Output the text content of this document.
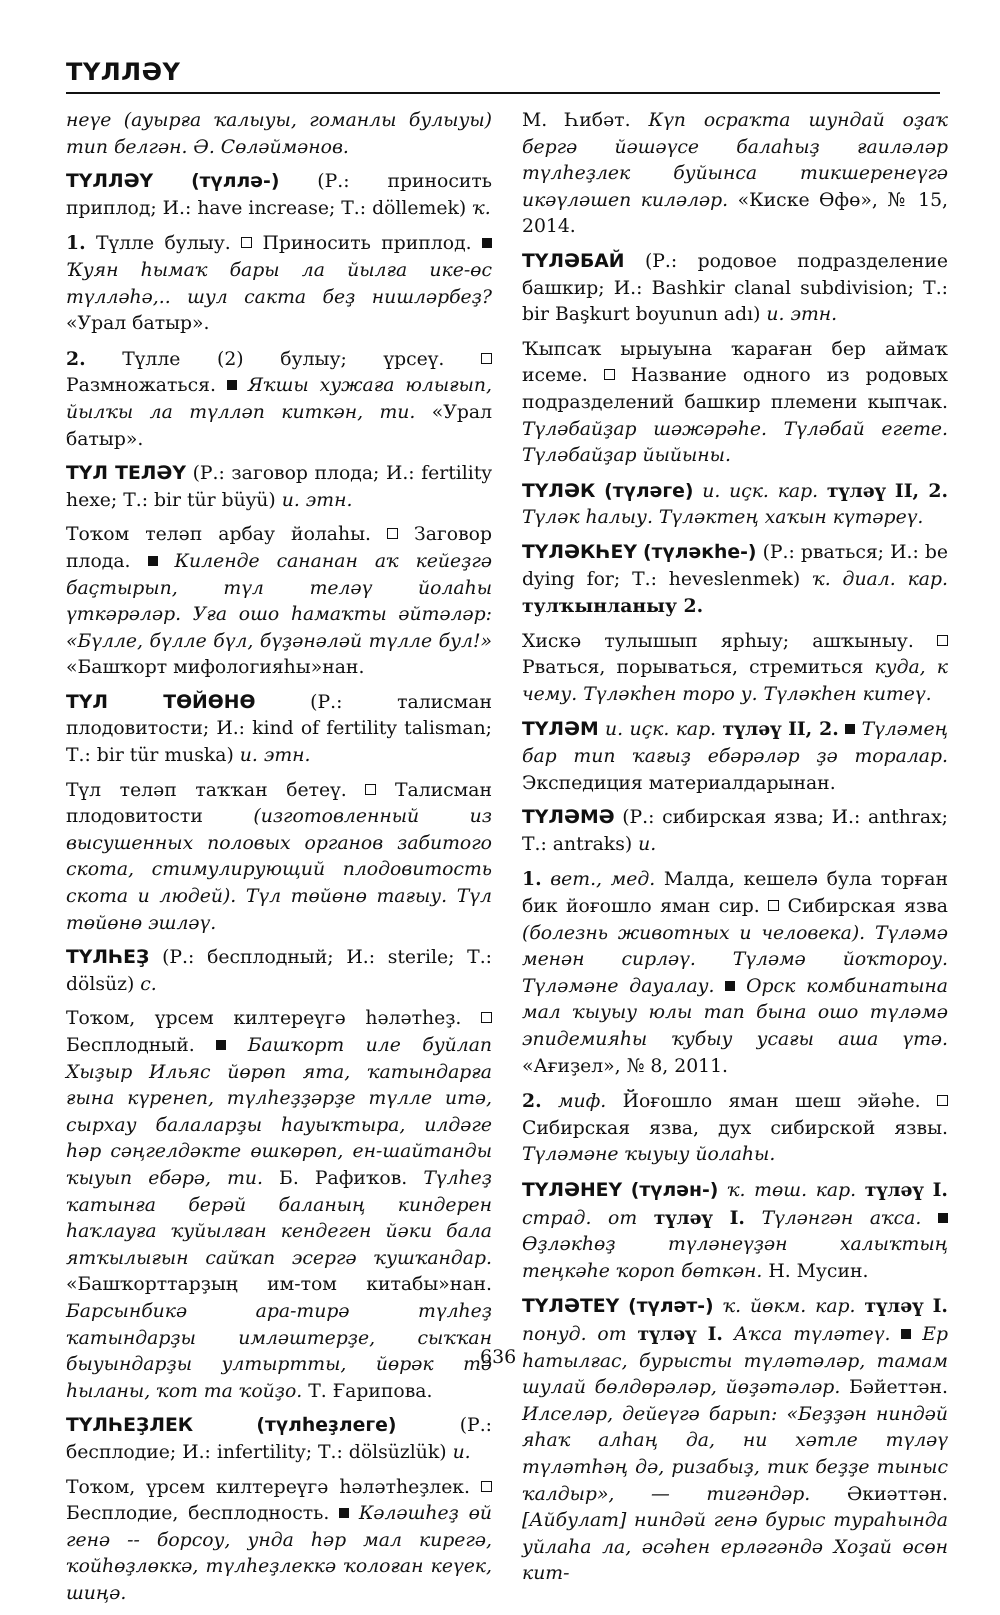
ТҮЛЛӘҮ

неүе (ауырға ҡалыуы, гоманлы булыуы) тип белгән. Ә. Сөләймәнов.

ТҮЛЛӘҮ (түллә-) (Р.: приносить приплод; И.: have increase; Т.: döllemek) ҡ.

1. Түлле булыу. Приносить приплод.  Ҡуян һымаҡ бары ла йылға ике-өс түлләһә,.. шул сакта беҙ нишләрбеҙ? «Урал батыр».

2. Түлле (2) булыу; үрсеү.  Размножаться. Яҡшы хужаға юлығып, йылҡы ла түлләп киткән, ти. «Урал батыр».

ТҮЛ ТЕЛӘҮ (Р.: заговор плода; И.: fertility hexe; Т.: bir tür büyü) и. этн.

Тоҡом теләп арбау йолаһы. Заговор плода. Киленде сананан аҡ кейеҙгә баҫтырып, түл теләү йолаһы үткәрәләр. Уға ошо һамаҡты әйтәләр: «Бүлле, бүлле бүл, бүҙәнәләй түлле бул!» «Башҡорт мифологияһы»нан.

ТҮЛ ТӨЙӨНӨ	(Р.: талисман плодовитости; И.: kind of fertility talisman; Т.: bir tür muska) и. этн.

Түл теләп таҡҡан бетеү.	Талисман плодовитости	(изготовленный из высушенных половых органов забитого скота, стимулирующий плодовитость скота и людей). Түл төйөнө тағыу. Түл төйөнө эшләү.

ТҮЛҺЕҘ (Р.: бесплодный; И.: sterile; Т.: dölsüz) с.

Тоҡом, үрсем килтереүгә һәләтһеҙ.  Бесплодный.	Башҡорт иле буйлап Хыҙыр Ильяс йөрөп ята, ҡатындарға ғына күренеп, түлһеҙҙәрҙе түлле итә, сырхау балаларҙы һауыҡтыра, илдәге һәр сәңгелдәкте өшкөрөп, ен-шайтанды ҡыуып ебәрә, ти. Б. Рафиҡов. Түлһеҙ ҡатынға берәй баланың киндерен һаҡлауға ҡуйылған кендеген йәки бала ятҡылығын сайҡап эсергә ҡушҡандар. «Башҡорттарҙың им-том китабы»нан. Барсынбикә ара-тирә түлһеҙ ҡатындарҙы имләштерҙе, сыҡҡан быуындарҙы ултыртты, йөрәк тә һыланы, ҡот та ҡойҙо. Т. Ғарипова.

ТҮЛҺЕҘЛЕК	(түлһеҙлеге)	(Р.: бесплодие; И.: infertility; Т.: dölsüzlük) и.

Тоҡом, үрсем килтереүгә һәләтһеҙлек.  Бесплодие, бесплодность. Кәләшһеҙ өй генә -- борсоу, унда һәр мал кирегә, ҡойһөҙлөккә, түлһеҙлеккә ҡолоған кеүек, шиңә.

М. Һибәт. Күп осраҡта шундай оҙаҡ бергә йәшәүсе балаһыҙ ғаиләләр түлһеҙлек буйынса тикшеренеүгә икәүләшеп киләләр. «Киске Өфө», № 15, 2014.

ТҮЛӘБАЙ (Р.: родовое подразделение башкир; И.: Bashkir clanal subdivision; Т.: bir Başkurt boyunun adı) и. этн.

Ҡыпсаҡ ырыуына ҡараған бер аймаҡ исеме. Название одного из родовых подразделений башкир племени кыпчак. Түләбайҙар шәжәрәһе. Түләбай егете. Түләбайҙар йыйыны.

ТҮЛӘК (түләге) и. иҫк. кар. түләү II, 2. Түләк һалыу. Түләктең хаҡын күтәреү.

ТҮЛӘКҺЕҮ (түләкһе-) (Р.: рваться; И.: be dying for; Т.: heveslenmek) ҡ. диал. кар. тулҡынланыу 2.

Хискә тулышып ярһыу; ашҡыныу.  Рваться, порываться, стремиться куда, к чему. Түләкһен торо у. Түләкһен китеү.

ТҮЛӘМ и. иҫк. кар. түләү II, 2. Түләмең бар тип ҡағыҙ ебәрәләр ҙә торалар. Экспедиция материалдарынан.

ТҮЛӘМӘ (Р.: сибирская язва; И.: anthrax; Т.: antraks) и.

1. вет., мед. Малда, кешелә була торған бик йоғошло яман сир. Сибирская язва (болезнь животных и человека). Түләмә менән сирләү. Түләмә йоҡтороу. Түләмәне дауалау. Орск комбинатына мал ҡыуыу юлы тап бына ошо түләмә эпидемияһы ҡубыу усағы аша үтә. «Ағиҙел», № 8, 2011.

2. миф. Йоғошло яман шеш эйәһе.  Сибирская язва, дух сибирской язвы. Түләмәне ҡыуыу йолаһы.

ТҮЛӘНЕҮ (түлән-) ҡ. төш. кар. түләү I. страд. от түләү I. Түләнгән аҡса.  Өҙләкһөҙ түләнеүҙән халыҡтың теңкәһе ҡороп бөткән. Н. Мусин.

ТҮЛӘТЕҮ (түләт-) ҡ. йөкм. кар. түләү I. понуд. от түләү I. Аҡса түләтеү. Ер һатылғас, бурысты түләтәләр, тамам шулай бөлдөрәләр, йөҙәтәләр. Бәйеттән. Илселәр, дейеүгә барып: «Беҙҙән ниндәй яһаҡ алһаң да, ни хәтле түләү түләтһәң дә, ризабыҙ, тик беҙҙе тыныс ҡалдыр», — тигәндәр. Әкиәттән. [Айбулат] ниндәй генә бурыс тураһында уйлаһа ла, әсәһен ерләгәндә Хоҙай өсөн кит-

636
